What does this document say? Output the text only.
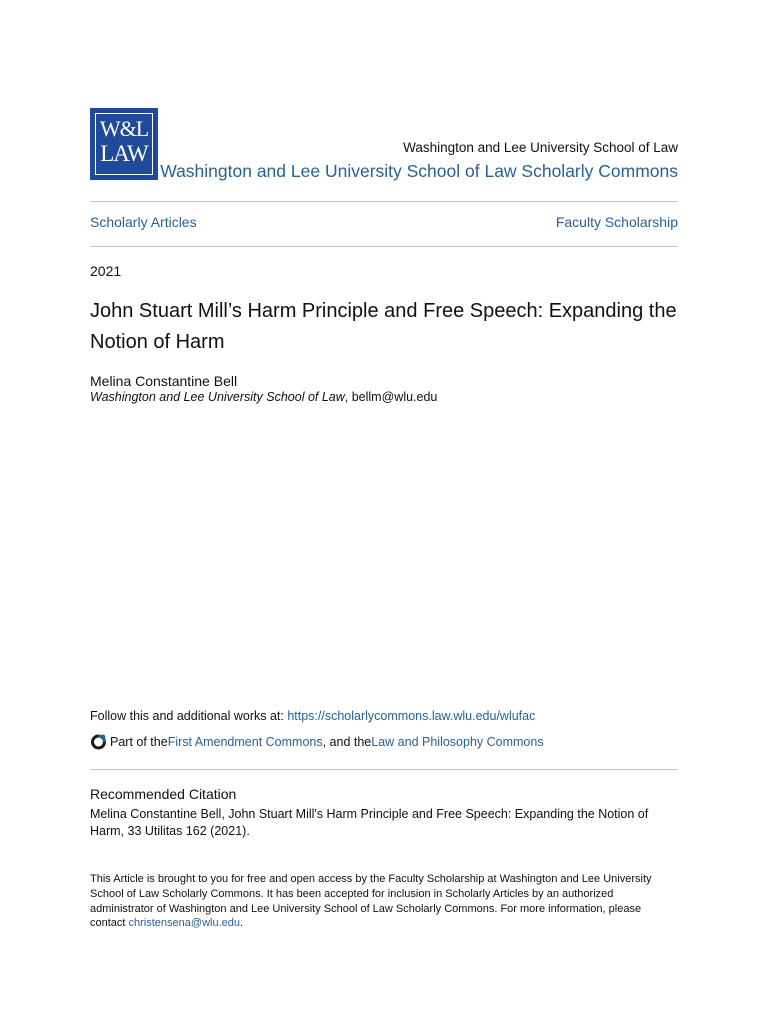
W&L
LAW	Washington and Lee University School of Law
Washington and Lee University School of Law Scholarly Commons
Scholarly Articles	Faculty Scholarship
2021
John Stuart Mill’s Harm Principle and Free Speech: Expanding the Notion of Harm
Melina Constantine Bell
Washington and Lee University School of Law, bellm@wlu.edu
Follow this and additional works at: https://scholarlycommons.law.wlu.edu/wlufac
Part of the First Amendment Commons , and the Law and Philosophy Commons
Recommended Citation
Melina Constantine Bell, John Stuart Mill's Harm Principle and Free Speech: Expanding the Notion of Harm, 33 Utilitas 162 (2021).
This Article is brought to you for free and open access by the Faculty Scholarship at Washington and Lee University School of Law Scholarly Commons. It has been accepted for inclusion in Scholarly Articles by an authorized administrator of Washington and Lee University School of Law Scholarly Commons. For more information, please contact christensena@wlu.edu.
